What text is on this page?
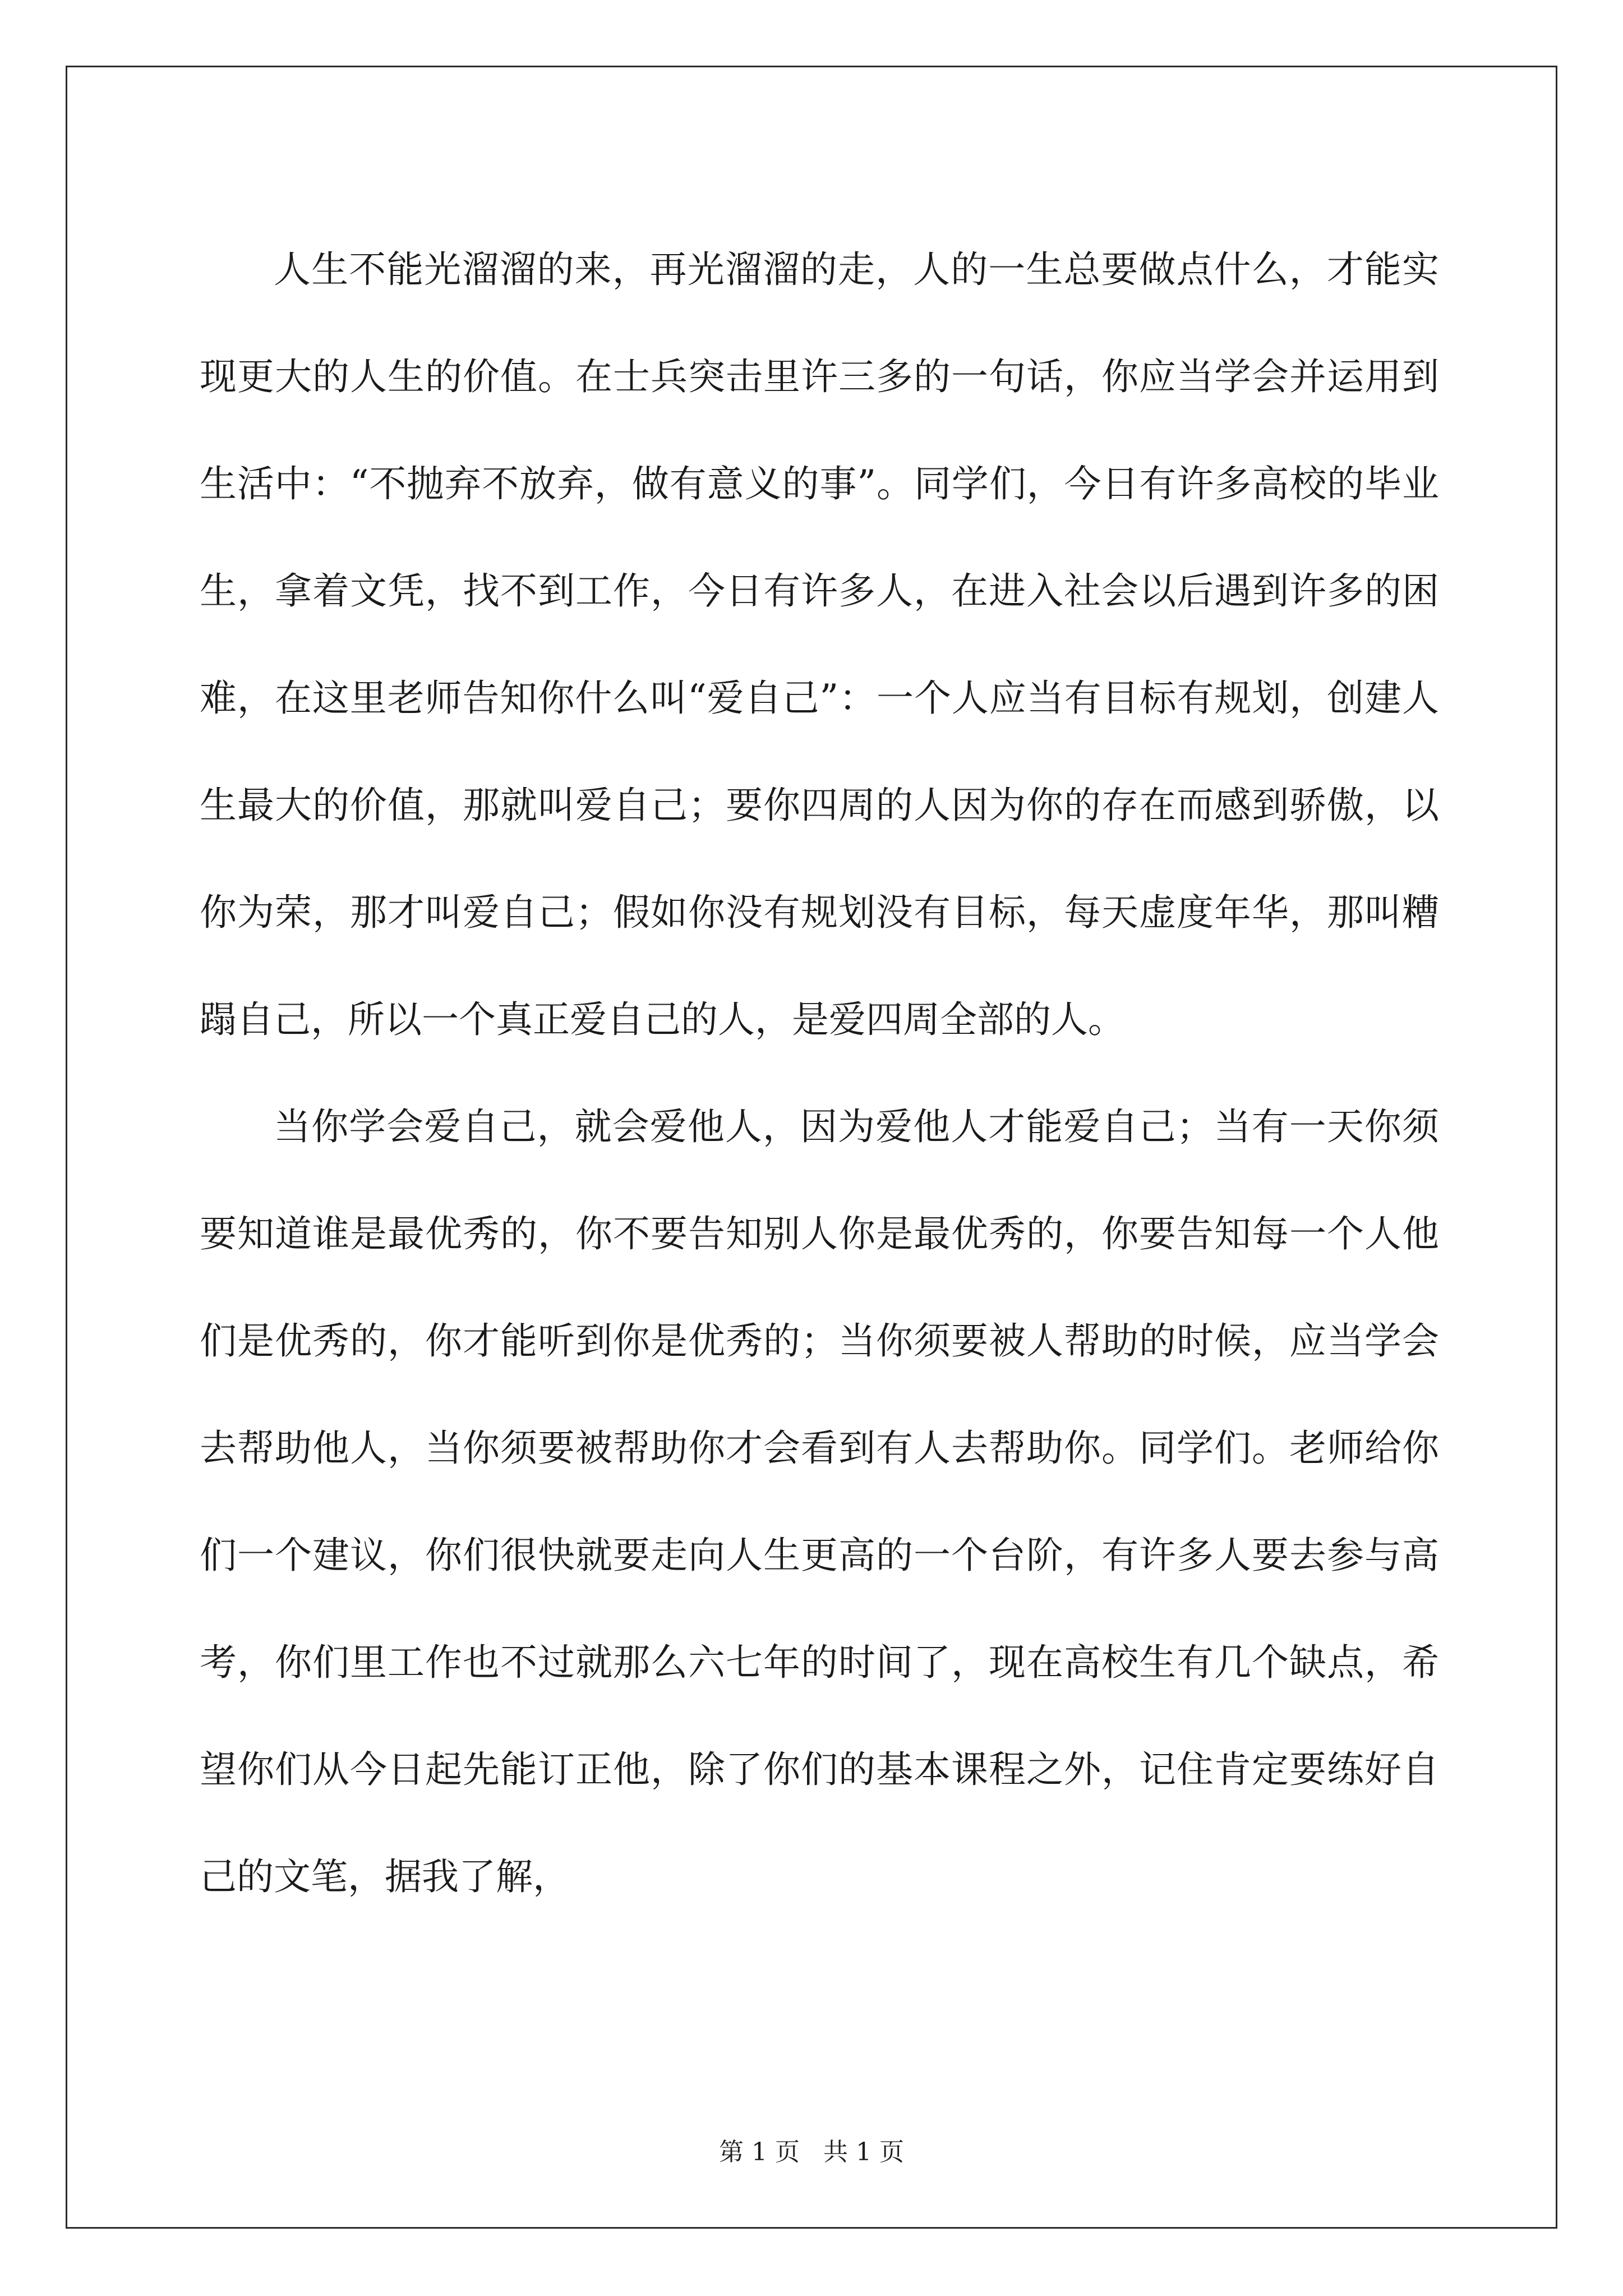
人生不能光溜溜的来，再光溜溜的走，人的一生总要做点什么，才能实现更大的人生的价值。在士兵突击里许三多的一句话，你应当学会并运用到生活中：“不抛弃不放弃，做有意义的事”。同学们，今日有许多高校的毕业生，拿着文凭，找不到工作，今日有许多人，在进入社会以后遇到许多的困难，在这里老师告知你什么叫“爱自己”：一个人应当有目标有规划，创建人生最大的价值，那就叫爱自己；要你四周的人因为你的存在而感到骄傲，以你为荣，那才叫爱自己；假如你没有规划没有目标，每天虚度年华，那叫糟蹋自己，所以一个真正爱自己的人，是爱四周全部的人。

当你学会爱自己，就会爱他人，因为爱他人才能爱自己；当有一天你须要知道谁是最优秀的，你不要告知别人你是最优秀的，你要告知每一个人他们是优秀的，你才能听到你是优秀的；当你须要被人帮助的时候，应当学会去帮助他人，当你须要被帮助你才会看到有人去帮助你。同学们。老师给你们一个建议，你们很快就要走向人生更高的一个台阶，有许多人要去参与高考，你们里工作也不过就那么六七年的时间了，现在高校生有几个缺点，希望你们从今日起先能订正他，除了你们的基本课程之外，记住肯定要练好自己的文笔，据我了解，

第 1 页   共 1 页
